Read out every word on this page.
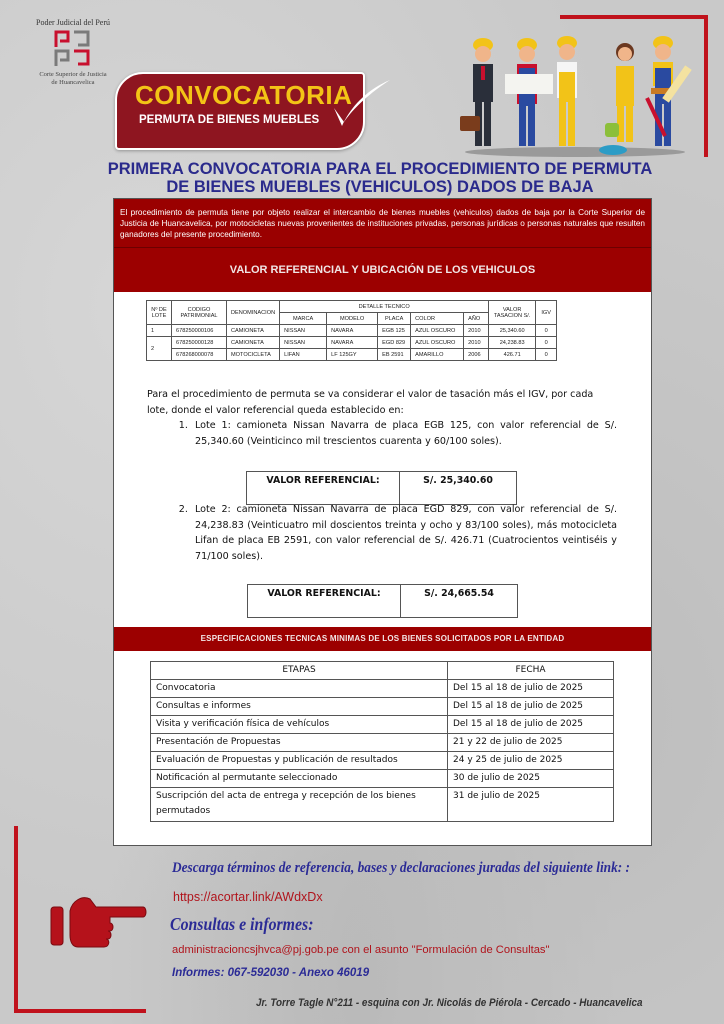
Poder Judicial del Perú
Corte Superior de Justicia
de Huancavelica	CONVOCATORIA
PERMUTA DE BIENES MUEBLES
PRIMERA CONVOCATORIA PARA EL PROCEDIMIENTO DE PERMUTA
DE BIENES MUEBLES (VEHICULOS) DADOS DE BAJA
El procedimiento de permuta tiene por objeto realizar el intercambio de bienes muebles (vehiculos) dados de baja por la Corte Superior de Justicia de Huancavelica, por motocicletas nuevas provenientes de instituciones privadas, personas jurídicas o personas naturales que resulten ganadores del presente procedimiento.
VALOR REFERENCIAL Y UBICACIÓN DE LOS VEHICULOS
Nº DE LOTE	CODIGO PATRIMONIAL	DENOMINACION	DETALLE TECNICO					VALOR TASACION S/.	IGV
			MARCA	MODELO	PLACA	COLOR	AÑO		
1	678250000106	CAMIONETA	NISSAN	NAVARA	EGB 125	AZUL OSCURO	2010	25,340.60	0
2	678250000128	CAMIONETA	NISSAN	NAVARA	EGD 829	AZUL OSCURO	2010	24,238.83	0
	678268000078	MOTOCICLETA	LIFAN	LF 125GY	EB 2591	AMARILLO	2006	426.71	0

Para el procedimiento de permuta se va considerar el valor de tasación más el IGV, por cada lote, donde el valor referencial queda establecido en:

1. Lote 1: camioneta Nissan Navarra de placa EGB 125, con valor referencial de S/. 25,340.60 (Veinticinco mil trescientos cuarenta y 60/100 soles).
VALOR REFERENCIAL:	S/. 25,340.60
2. Lote 2: camioneta Nissan Navarra de placa EGD 829, con valor referencial de S/. 24,238.83 (Veinticuatro mil doscientos treinta y ocho y 83/100 soles), más motocicleta Lifan de placa EB 2591, con valor referencial de S/. 426.71 (Cuatrocientos veintiséis y 71/100 soles).
VALOR REFERENCIAL:	S/. 24,665.54
ESPECIFICACIONES TECNICAS MINIMAS DE LOS BIENES SOLICITADOS POR LA ENTIDAD
ETAPAS	FECHA
Convocatoria	Del 15 al 18 de julio de 2025
Consultas e informes	Del 15 al 18 de julio de 2025
Visita y verificación física de vehículos	Del 15 al 18 de julio de 2025
Presentación de Propuestas	21 y 22 de julio de 2025
Evaluación de Propuestas y publicación de resultados	24 y 25 de julio de 2025
Notificación al permutante seleccionado	30 de julio de 2025
Suscripción del acta de entrega y recepción de los bienes permutados	31 de julio de 2025
Descarga términos de referencia, bases y declaraciones juradas del siguiente link: :
https://acortar.link/AWdxDx
Consultas e informes:
administracioncsjhvca@pj.gob.pe con el asunto "Formulación de Consultas"
Informes: 067-592030 - Anexo 46019
Jr. Torre Tagle N°211 - esquina con Jr. Nicolás de Piérola - Cercado - Huancavelica
